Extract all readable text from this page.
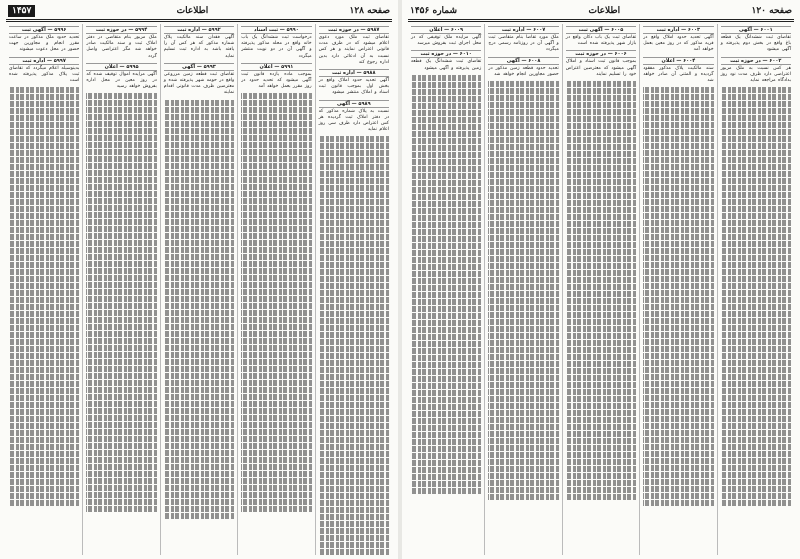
صفحه ۱۲۸
اطلاعات
۱۴۵۷
۵۹۸۷ — در حوزه ثبت
تقاضای ثبت ملک مورد دعوی اعلام میشود که در ظرف مدت قانونی اعتراض نمایند و هر کس نسبت به آن ادعائی دارد بدین اداره رجوع کند
۵۹۸۸ — اداره ثبت
آگهی تحدید حدود املاک واقع در بخش اول بموجب قانون ثبت اسناد و املاک منتشر میشود
۵۹۸۹ — آگهی
نسبت به پلاک شماره مذکور که در دفتر املاک ثبت گردیده هر کس اعتراض دارد ظرف سی روز اعلام نماید
۵۹۹۰ — ثبت اسناد
درخواست ثبت ششدانگ یک باب خانه واقع در محله مذکور پذیرفته و آگهی آن در دو نوبت منتشر میگردد
۵۹۹۱ — اعلان
بموجب ماده یازده قانون ثبت آگهی میشود که تحدید حدود در روز مقرر بعمل خواهد آمد
۵۹۹۲ — اداره ثبت
آگهی فقدان سند مالکیت پلاک شماره مذکور که هر کس آن را یافته باشد به اداره ثبت تسلیم نماید
۵۹۹۳ — آگهی
تقاضای ثبت قطعه زمین مزروعی واقع در حومه شهر پذیرفته شده و معترضین ظرف مدت قانونی اقدام نمایند
۵۹۹۴ — در حوزه ثبت
ملک مزبور بنام متقاضی در دفتر املاک ثبت و سند مالکیت صادر خواهد شد مگر اعتراضی واصل گردد
۵۹۹۵ — اعلان
آگهی مزایده اموال توقیف شده که در روز معین در محل اداره بفروش خواهد رسید
۵۹۹۶ — آگهی ثبت
تحدید حدود ملک مذکور در ساعت مقرر انجام و مجاورین جهت حضور در محل دعوت میشوند
۵۹۹۷ — اداره ثبت
بدینوسیله اعلام میگردد که تقاضای ثبت پلاک مذکور پذیرفته شده است
صفحه ۱۲۰
اطلاعات
شماره ۱۴۵۶
۶۰۰۱ — آگهی
تقاضای ثبت ششدانگ یک قطعه باغ واقع در بخش دوم پذیرفته و آگهی میشود
۶۰۰۲ — در حوزه ثبت
هر کس نسبت به ملک مزبور اعتراضی دارد ظرف مدت نود روز بدادگاه مراجعه نماید
۶۰۰۳ — اداره ثبت
آگهی تحدید حدود املاک واقع در قریه مذکور که در روز معین بعمل خواهد آمد
۶۰۰۴ — اعلان
سند مالکیت پلاک مذکور مفقود گردیده و المثنی آن صادر خواهد شد
۶۰۰۵ — آگهی ثبت
تقاضای ثبت یک باب دکان واقع در بازار شهر پذیرفته شده است
۶۰۰۶ — در حوزه ثبت
بموجب قانون ثبت اسناد و املاک آگهی میشود که معترضین اعتراض خود را تسلیم نمایند
۶۰۰۷ — اداره ثبت
ملک مورد تقاضا بنام متقاضی ثبت و آگهی آن در روزنامه رسمی درج میگردد
۶۰۰۸ — آگهی
تحدید حدود قطعه زمین مذکور در حضور مجاورین انجام خواهد شد
۶۰۰۹ — اعلان
آگهی مزایده ملک توقیفی که در محل اجرای ثبت بفروش میرسد
۶۰۱۰ — در حوزه ثبت
تقاضای ثبت ششدانگ یک قطعه زمین پذیرفته و آگهی میشود
